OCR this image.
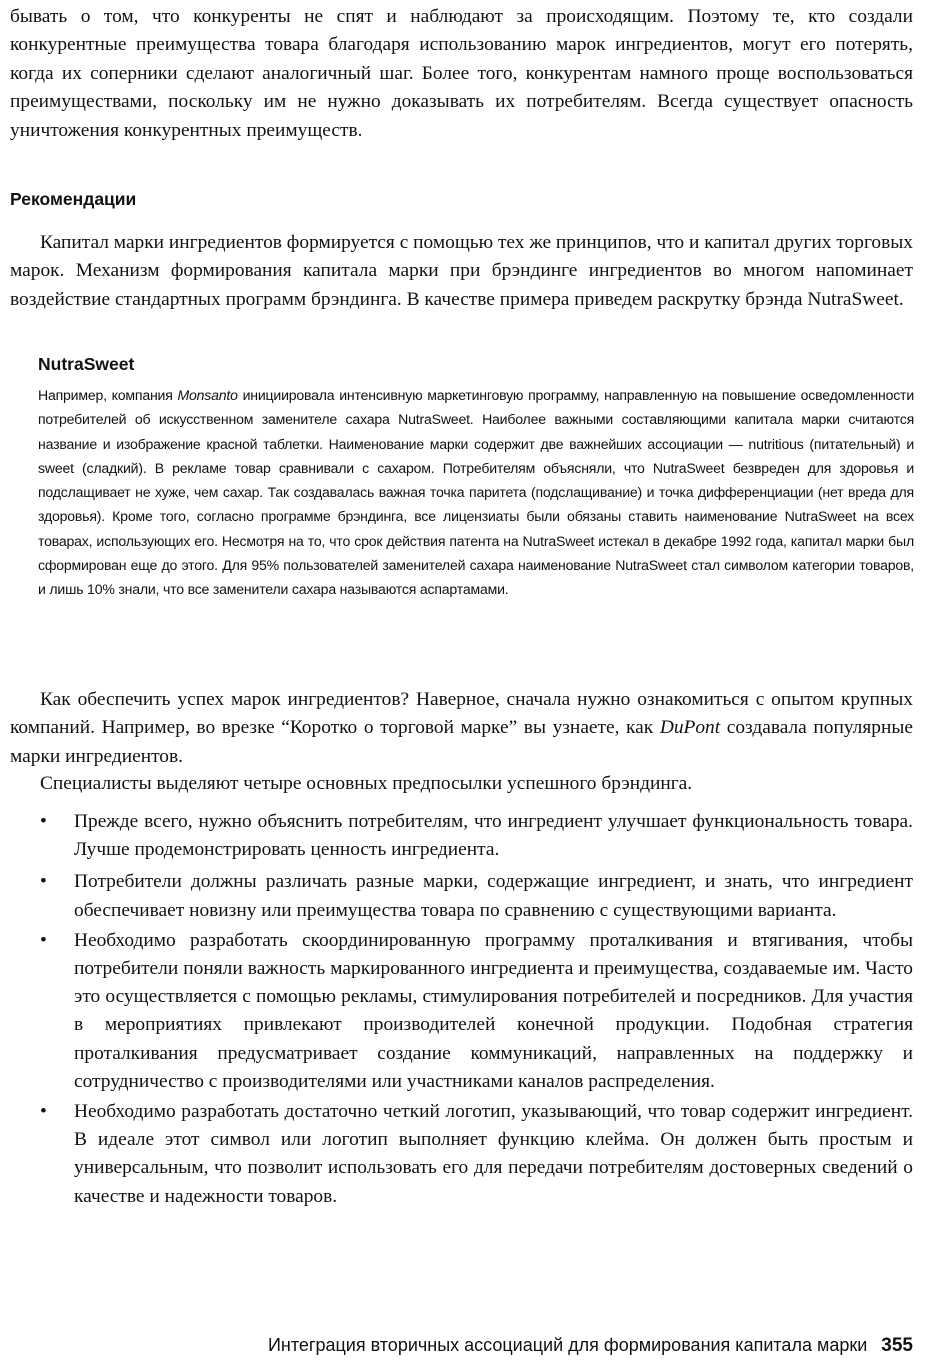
бывать о том, что конкуренты не спят и наблюдают за происходящим. Поэтому те, кто создали конкурентные преимущества товара благодаря использованию марок ингредиентов, могут его потерять, когда их соперники сделают аналогичный шаг. Более того, конкурентам намного проще воспользоваться преимуществами, поскольку им не нужно доказывать их потребителям. Всегда существует опасность уничтожения конкурентных преимуществ.

Рекомендации

Капитал марки ингредиентов формируется с помощью тех же принципов, что и капитал других торговых марок. Механизм формирования капитала марки при брэндинге ингредиентов во многом напоминает воздействие стандартных программ брэндинга. В качестве примера приведем раскрутку брэнда NutraSweet.

NutraSweet

Например, компания Monsanto инициировала интенсивную маркетинговую программу, направленную на повышение осведомленности потребителей об искусственном заменителе сахара NutraSweet. Наиболее важными составляющими капитала марки считаются название и изображение красной таблетки. Наименование марки содержит две важнейших ассоциации — nutritious (питательный) и sweet (сладкий). В рекламе товар сравнивали с сахаром. Потребителям объясняли, что NutraSweet безвреден для здоровья и подслащивает не хуже, чем сахар. Так создавалась важная точка паритета (подслащивание) и точка дифференциации (нет вреда для здоровья). Кроме того, согласно программе брэндинга, все лицензиаты были обязаны ставить наименование NutraSweet на всех товарах, использующих его. Несмотря на то, что срок действия патента на NutraSweet истекал в декабре 1992 года, капитал марки был сформирован еще до этого. Для 95% пользователей заменителей сахара наименование NutraSweet стал символом категории товаров, и лишь 10% знали, что все заменители сахара называются аспартамами.

Как обеспечить успех марок ингредиентов? Наверное, сначала нужно ознакомиться с опытом крупных компаний. Например, во врезке “Коротко о торговой марке” вы узнаете, как DuPont создавала популярные марки ингредиентов.

Специалисты выделяют четыре основных предпосылки успешного брэндинга.

• Прежде всего, нужно объяснить потребителям, что ингредиент улучшает функциональность товара. Лучше продемонстрировать ценность ингредиента.
• Потребители должны различать разные марки, содержащие ингредиент, и знать, что ингредиент обеспечивает новизну или преимущества товара по сравнению с существующими варианта.
• Необходимо разработать скоординированную программу проталкивания и втягивания, чтобы потребители поняли важность маркированного ингредиента и преимущества, создаваемые им. Часто это осуществляется с помощью рекламы, стимулирования потребителей и посредников. Для участия в мероприятиях привлекают производителей конечной продукции. Подобная стратегия проталкивания предусматривает создание коммуникаций, направленных на поддержку и сотрудничество с производителями или участниками каналов распределения.
• Необходимо разработать достаточно четкий логотип, указывающий, что товар содержит ингредиент. В идеале этот символ или логотип выполняет функцию клейма. Он должен быть простым и универсальным, что позволит использовать его для передачи потребителям достоверных сведений о качестве и надежности товаров.
Интеграция вторичных ассоциаций для формирования капитала марки 355
